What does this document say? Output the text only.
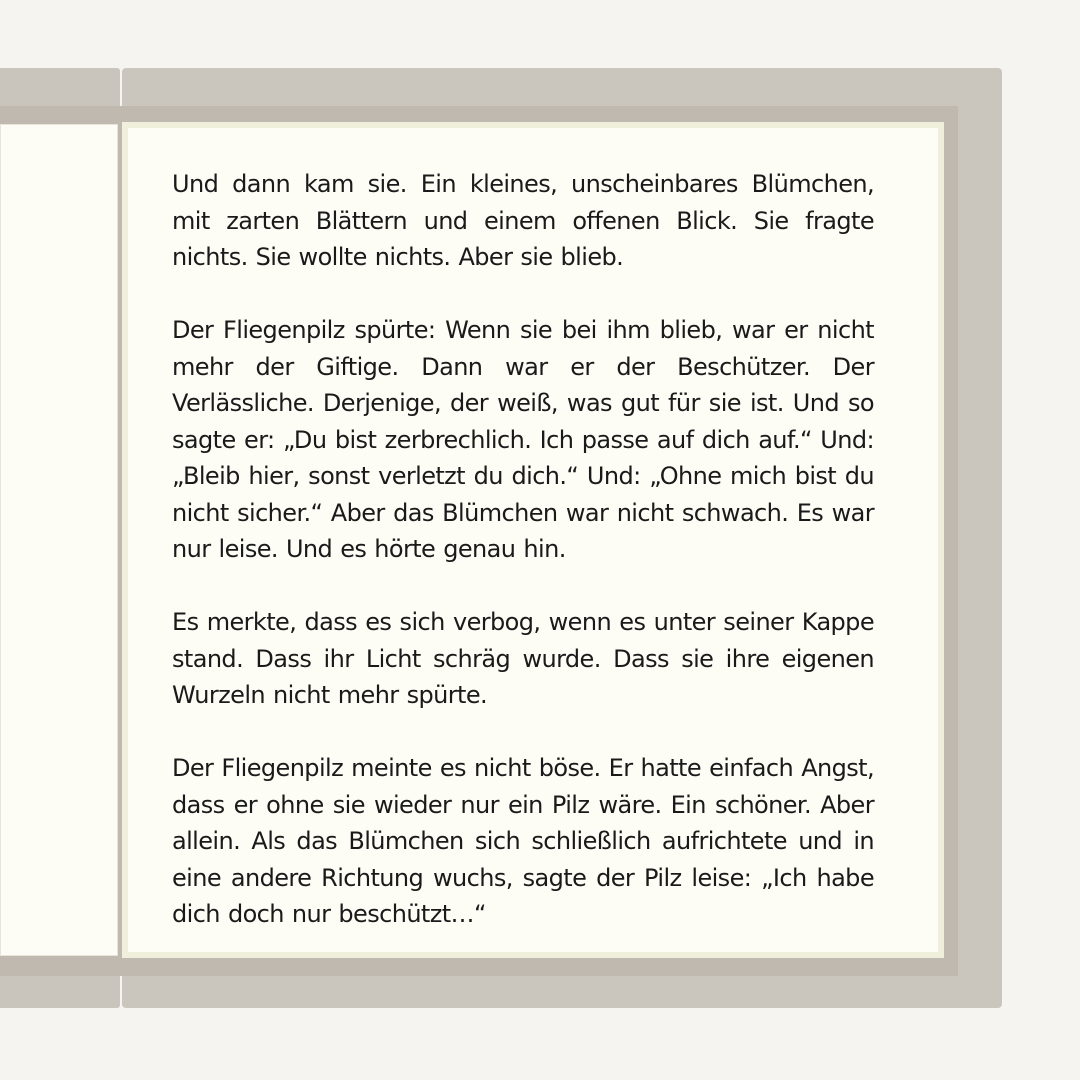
Und dann kam sie. Ein kleines, unscheinbares Blümchen, mit zarten Blättern und einem offenen Blick. Sie fragte nichts. Sie wollte nichts. Aber sie blieb.

Der Fliegenpilz spürte: Wenn sie bei ihm blieb, war er nicht mehr der Giftige. Dann war er der Beschützer. Der Verlässliche. Derjenige, der weiß, was gut für sie ist. Und so sagte er: „Du bist zerbrechlich. Ich passe auf dich auf.“ Und: „Bleib hier, sonst verletzt du dich.“ Und: „Ohne mich bist du nicht sicher.“ Aber das Blümchen war nicht schwach. Es war nur leise. Und es hörte genau hin.

Es merkte, dass es sich verbog, wenn es unter seiner Kappe stand. Dass ihr Licht schräg wurde. Dass sie ihre eigenen Wurzeln nicht mehr spürte.

Der Fliegenpilz meinte es nicht böse. Er hatte einfach Angst, dass er ohne sie wieder nur ein Pilz wäre. Ein schöner. Aber allein. Als das Blümchen sich schließlich aufrichtete und in eine andere Richtung wuchs, sagte der Pilz leise: „Ich habe dich doch nur beschützt…“
